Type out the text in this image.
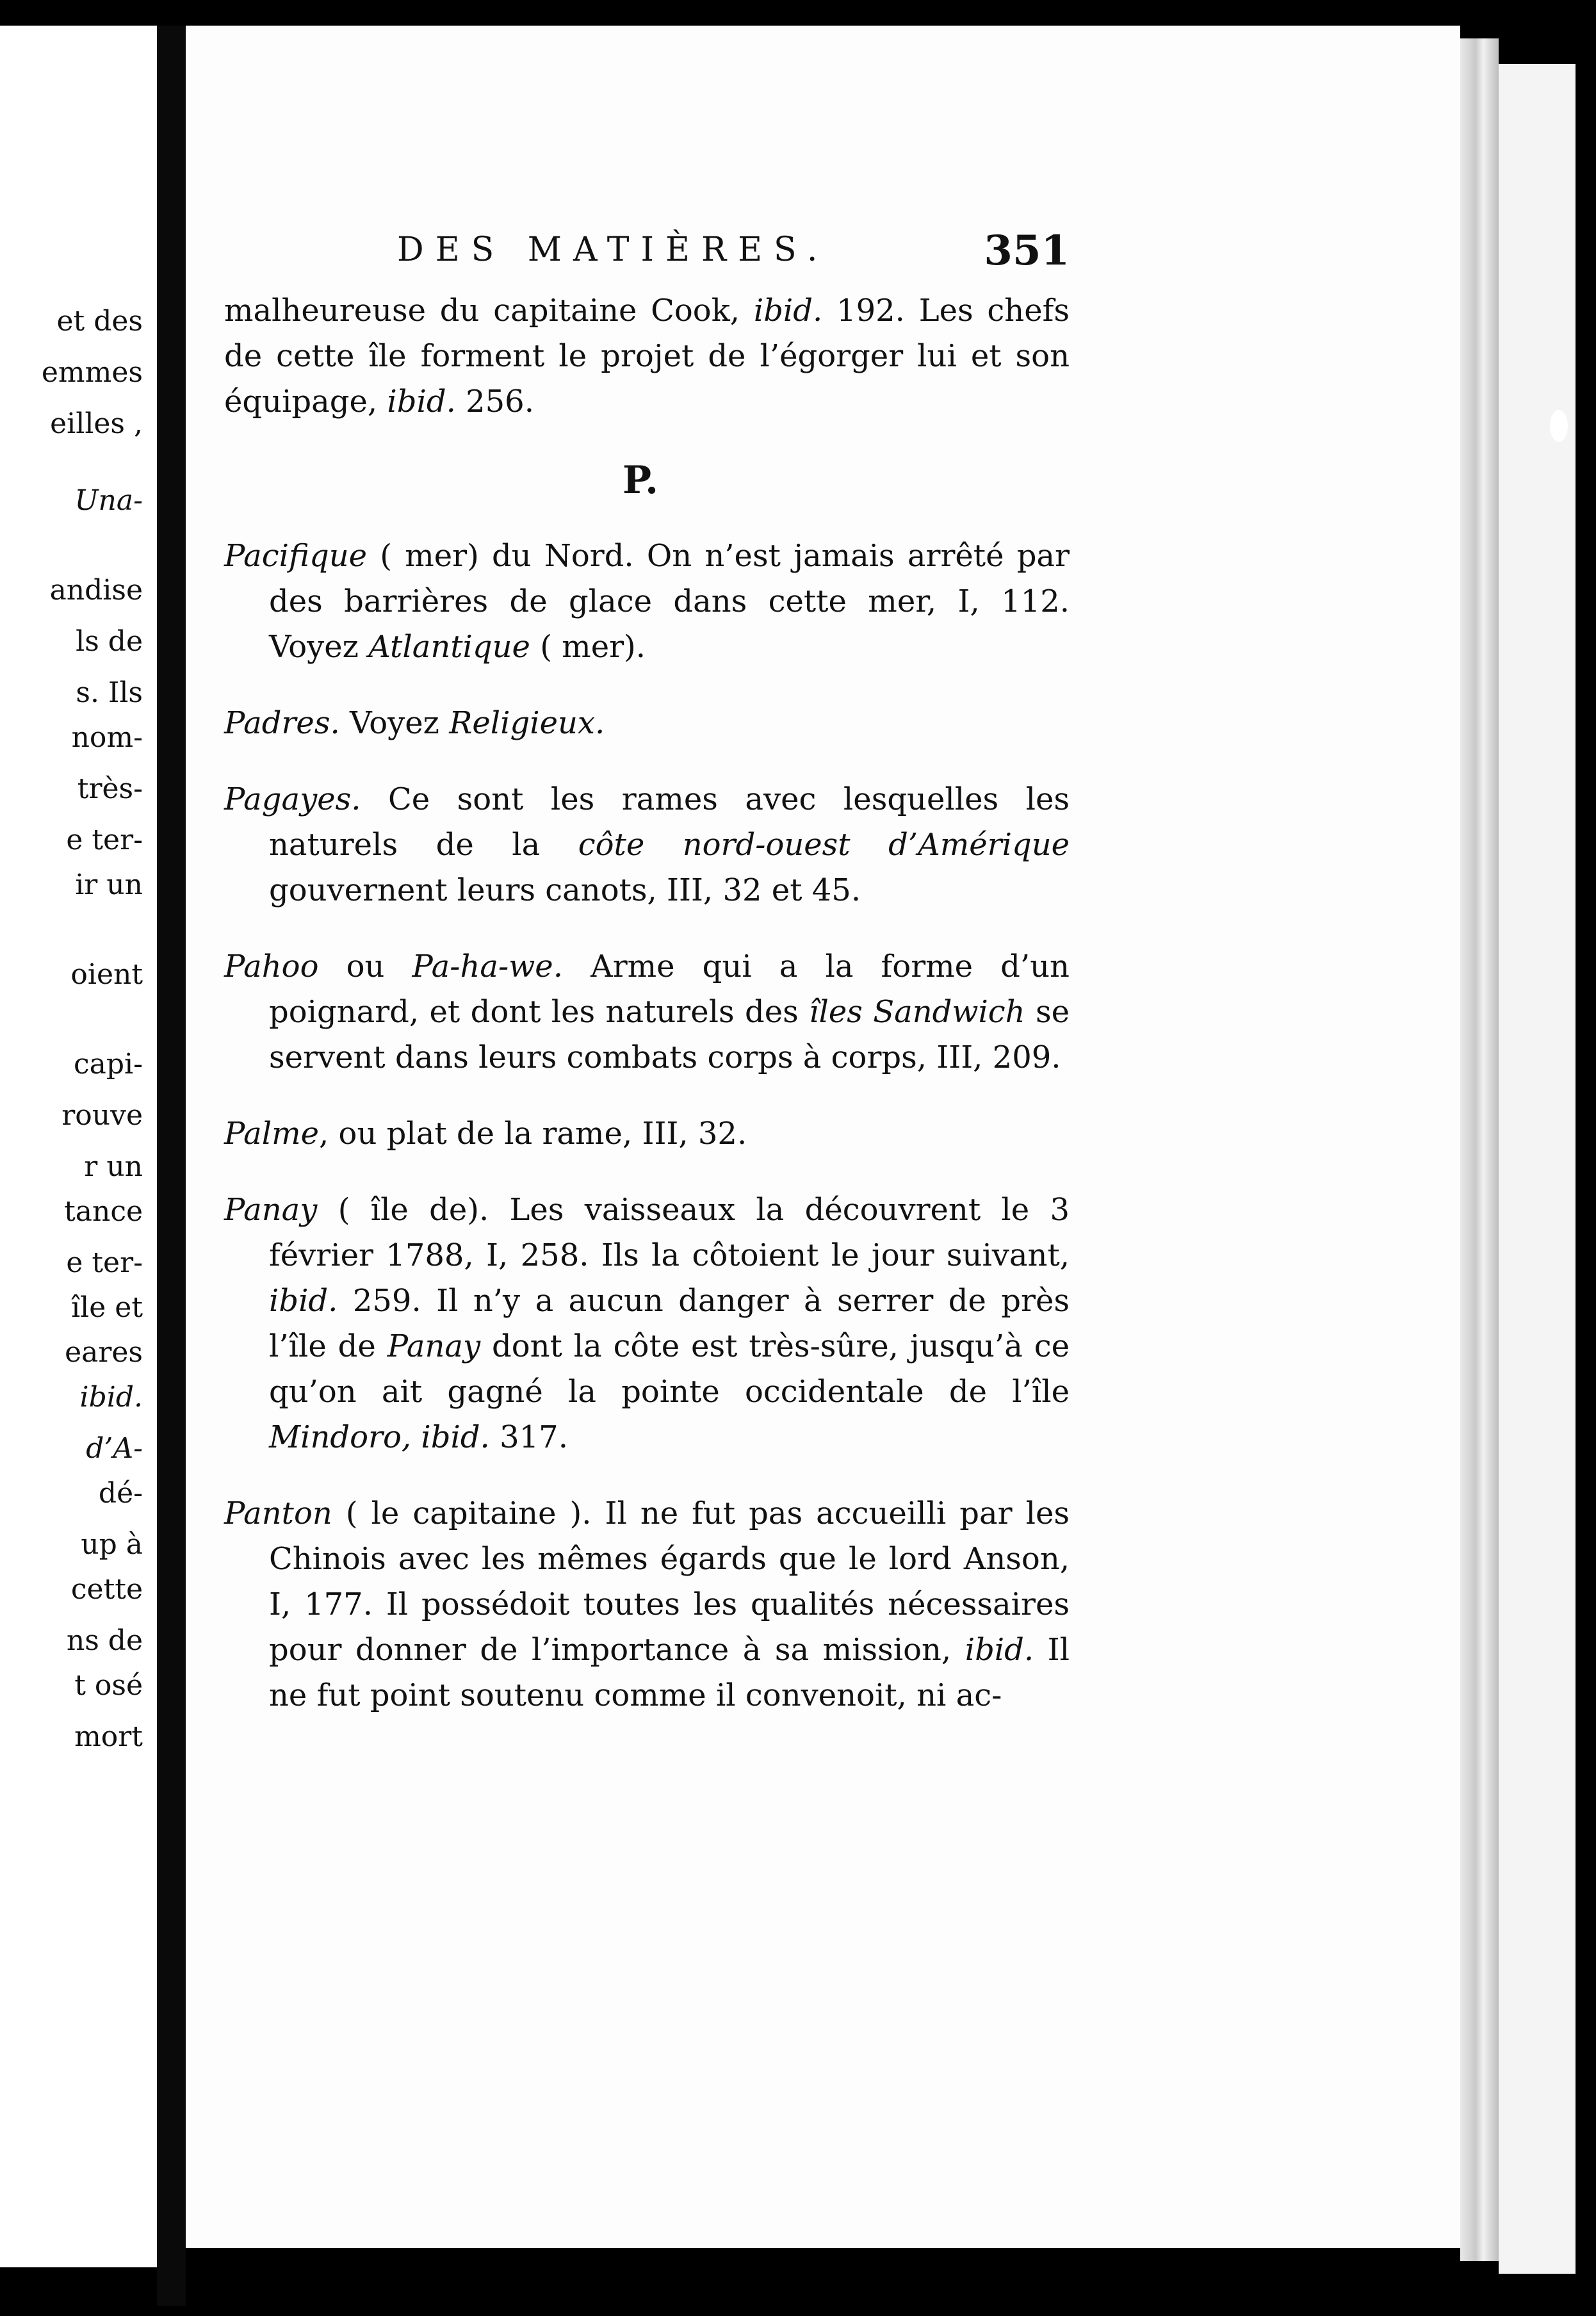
et des
emmes
eilles ,
Una-
andise
ls de
s. Ils
nom-
très-
e ter-
ir un
oient
capi-
rouve
r un
tance
e ter-
île et
eares
ibid.
d’A-
dé-
up à
cette
ns de
t osé
mort
DES MATIÈRES.	351

malheureuse du capitaine Cook, ibid. 192. Les chefs de cette île forment le projet de l’égorger lui et son équipage, ibid. 256.

P.

Pacifique ( mer) du Nord. On n’est jamais arrêté par des barrières de glace dans cette mer, I, 112. Voyez Atlantique ( mer).

Padres. Voyez Religieux.

Pagayes. Ce sont les rames avec lesquelles les naturels de la côte nord-ouest d’Amérique gouvernent leurs canots, III, 32 et 45.

Pahoo ou Pa-ha-we. Arme qui a la forme d’un poignard, et dont les naturels des îles Sandwich se servent dans leurs combats corps à corps, III, 209.

Palme, ou plat de la rame, III, 32.

Panay ( île de). Les vaisseaux la découvrent le 3 février 1788, I, 258. Ils la côtoient le jour suivant, ibid. 259. Il n’y a aucun danger à serrer de près l’île de Panay dont la côte est très-sûre, jusqu’à ce qu’on ait gagné la pointe occidentale de l’île Mindoro, ibid. 317.

Panton ( le capitaine ). Il ne fut pas accueilli par les Chinois avec les mêmes égards que le lord Anson, I, 177. Il possédoit toutes les qualités nécessaires pour donner de l’importance à sa mission, ibid. Il ne fut point soutenu comme il convenoit, ni ac-
